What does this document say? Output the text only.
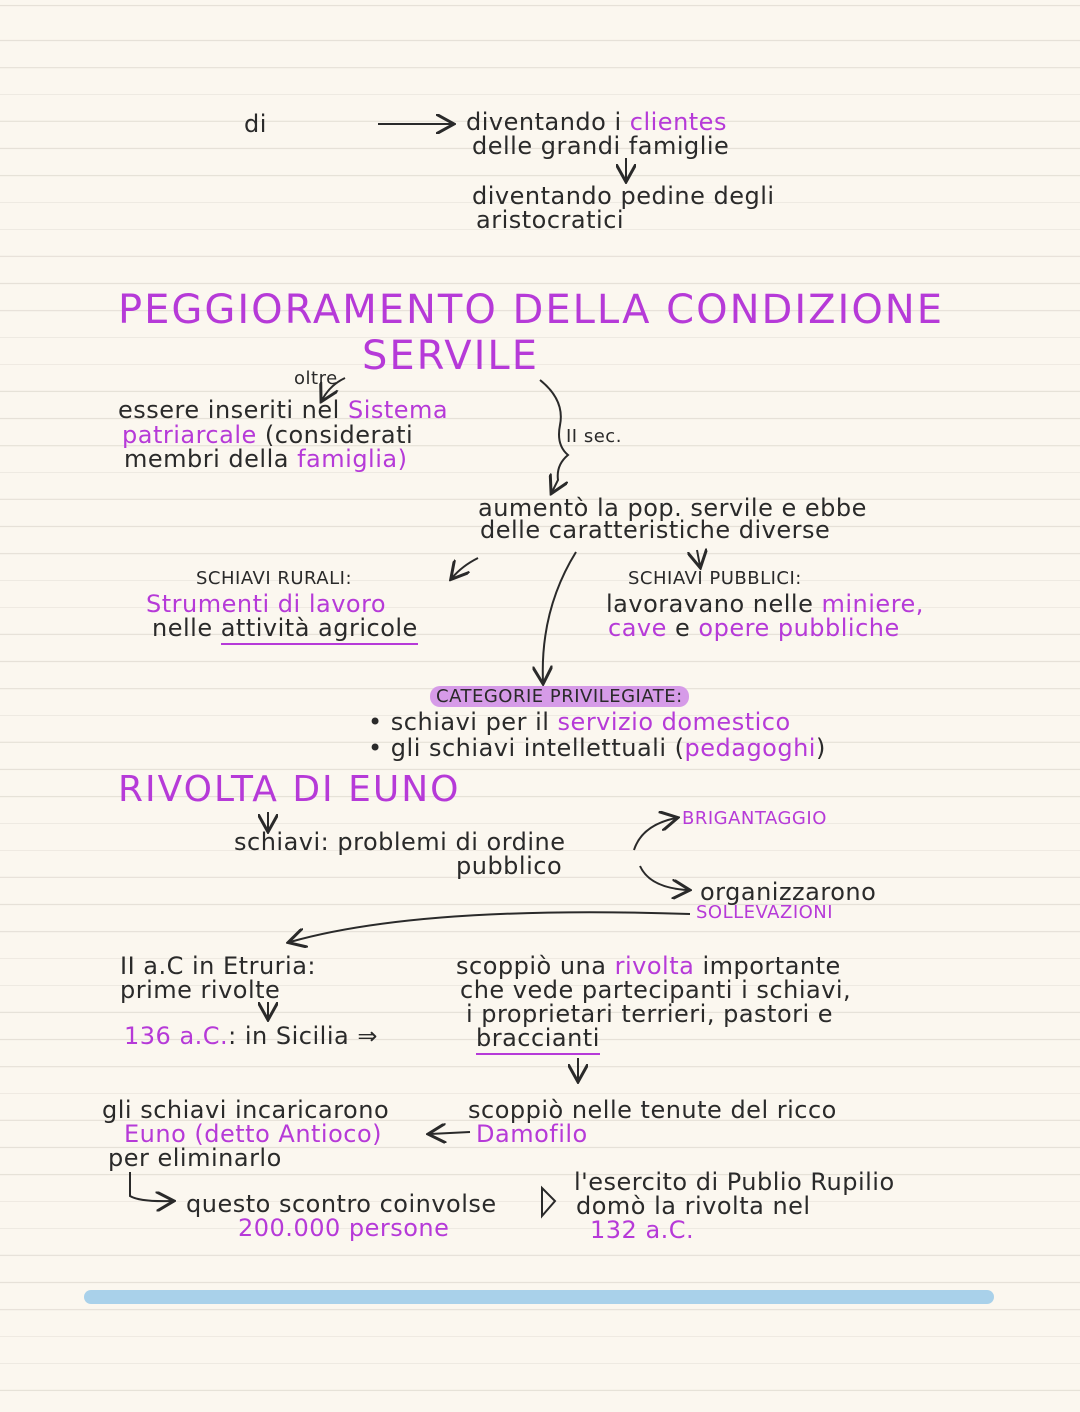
di	diventando i clientes
delle grandi famiglie
diventando pedine degli
aristocratici
PEGGIORAMENTO DELLA CONDIZIONE
SERVILE
oltre
essere inseriti nel Sistema
patriarcale (considerati
membri della famiglia)
II sec.
aumentò la pop. servile e ebbe
delle caratteristiche diverse
SCHIAVI RURALI:
Strumenti di lavoro
nelle attività agricole
SCHIAVI PUBBLICI:
lavoravano nelle miniere,
cave e opere pubbliche
CATEGORIE PRIVILEGIATE:
• schiavi per il servizio domestico
• gli schiavi intellettuali (pedagoghi)
RIVOLTA DI EUNO
schiavi: problemi di ordine
pubblico
BRIGANTAGGIO
organizzarono
SOLLEVAZIONI
II a.C in Etruria:
prime rivolte
136 a.C.: in Sicilia ⇒
scoppiò una rivolta importante
che vede partecipanti i schiavi,
i proprietari terrieri, pastori e
braccianti
scoppiò nelle tenute del ricco
Damofilo
gli schiavi incaricarono
Euno (detto Antioco)
per eliminarlo
questo scontro coinvolse
200.000 persone
l'esercito di Publio Rupilio
domò la rivolta nel
132 a.C.
